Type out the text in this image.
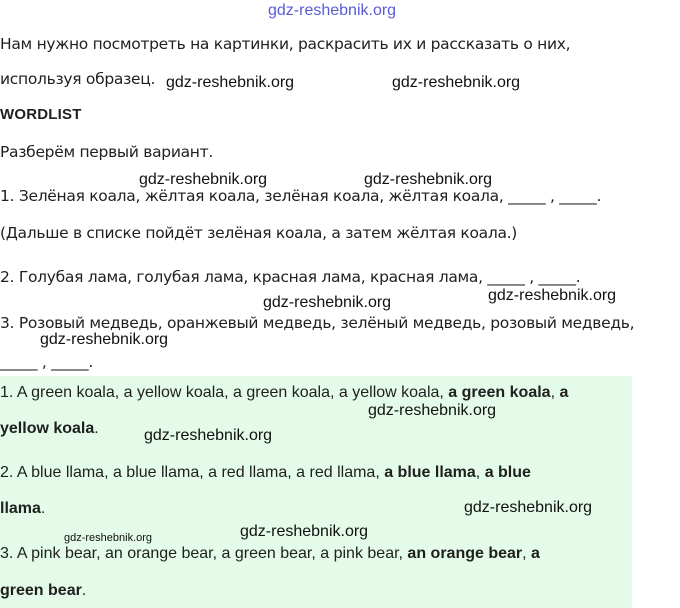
gdz-reshebnik.org
Нам нужно посмотреть на картинки, раскрасить их и рассказать о них,
используя образец. gdz-reshebnik.org	gdz-reshebnik.org
WORDLIST
Разберём первый вариант.
gdz-reshebnik.org	gdz-reshebnik.org
1. Зелёная коала, жёлтая коала, зелёная коала, жёлтая коала, _____ , _____.
(Дальше в списке пойдёт зелёная коала, а затем жёлтая коала.)
2. Голубая лама, голубая лама, красная лама, красная лама, _____ , _____.
gdz-reshebnik.org
gdz-reshebnik.org
3. Розовый медведь, оранжевый медведь, зелёный медведь, розовый медведь,
gdz-reshebnik.org
_____ , _____.
1. A green koala, a yellow koala, a green koala, a yellow koala, a green koala, a
gdz-reshebnik.org
yellow koala.	gdz-reshebnik.org
2. A blue llama, a blue llama, a red llama, a red llama, a blue llama, a blue
gdz-reshebnik.org
llama.
gdz-reshebnik.org	gdz-reshebnik.org
3. A pink bear, an orange bear, a green bear, a pink bear, an orange bear, a
green bear.
